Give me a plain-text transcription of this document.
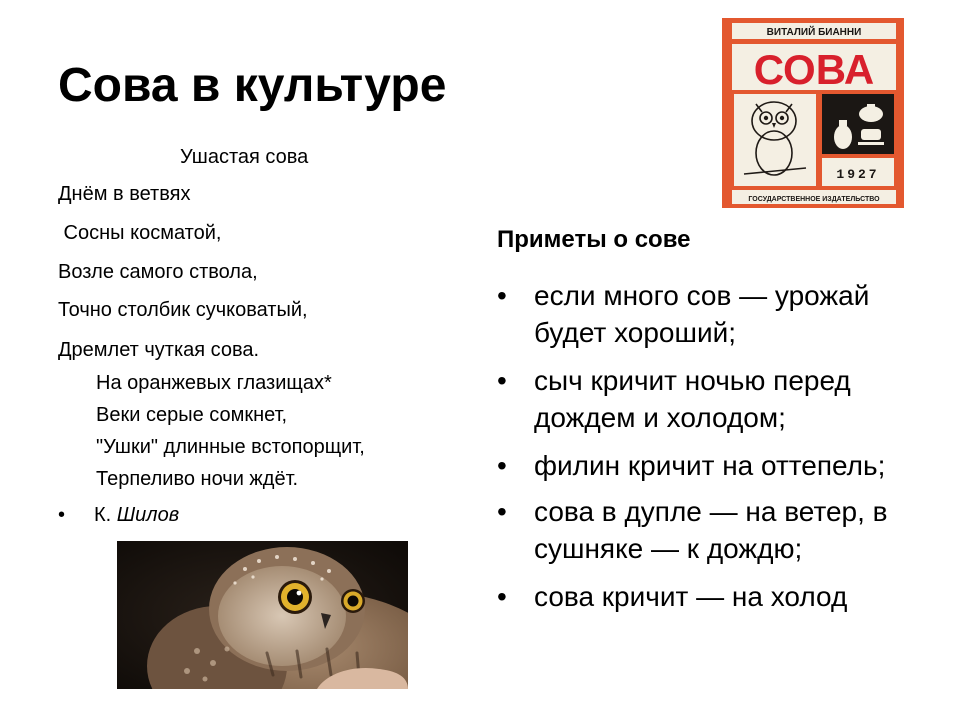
Сова в культуре
Ушастая сова
Днём в ветвях
Сосны косматой,
Возле самого ствола,
Точно столбик сучковатый,
Дремлет чуткая сова.
На оранжевых глазищах*
Веки серые сомкнет,
"Ушки" длинные встопорщит,
Терпеливо ночи ждёт.
• К. Шилов
ВИТАЛИЙ БИАННИ
СОВА
1927
ГОСУДАРСТВЕННОЕ ИЗДАТЕЛЬСТВО
Приметы о сове
• если много сов — урожай будет хороший;
• сыч кричит ночью перед дождем и холодом;
• филин кричит на оттепель;
• сова в дупле — на ветер, в сушняке — к дождю;
• сова кричит — на холод
